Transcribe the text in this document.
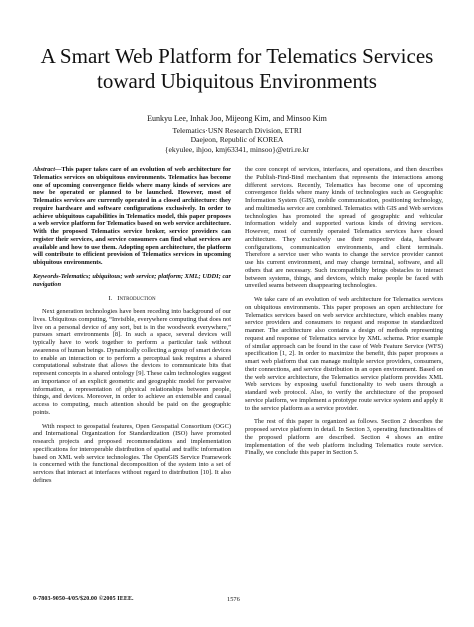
A Smart Web Platform for Telematics Services
toward Ubiquitous Environments
Eunkyu Lee, Inhak Joo, Mijeong Kim, and Minsoo Kim
Telematics·USN Research Division, ETRI
Daejeon, Republic of KOREA
{ekyulee, ihjoo, kmj63341, minsoo}@etri.re.kr

Abstract—This paper takes care of an evolution of web architecture for Telematics services on ubiquitous environments. Telematics has become one of upcoming convergence fields where many kinds of services are now be operated or planned to be launched. However, most of Telematics services are currently operated in a closed architecture: they require hardware and software configurations exclusively. In order to achieve ubiquitous capabilities in Telematics model, this paper proposes a web service platform for Telematics based on web service architecture. With the proposed Telematics service broker, service providers can register their services, and service consumers can find what services are available and how to use them. Adopting open architecture, the platform will contribute to efficient provision of Telematics services in upcoming ubiquitous environments.

Keywords-Telematics; ubiquitous; web service; platform; XML; UDDI; car navigation

I. Introduction

Next generation technologies have been receding into background of our lives. Ubiquitous computing, “Invisible, everywhere computing that does not live on a personal device of any sort, but is in the woodwork everywhere,” pursues smart environments [8]. In such a space, several devices will typically have to work together to perform a particular task without awareness of human beings. Dynamically collecting a group of smart devices to enable an interaction or to perform a perceptual task requires a shared computational substrate that allows the devices to communicate bits that represent concepts in a shared ontology [9]. These calm technologies suggest an importance of an explicit geometric and geographic model for pervasive information, a representation of physical relationships between people, things, and devices. Moreover, in order to achieve an extensible and casual access to computing, much attention should be paid on the geographic points.

With respect to geospatial features, Open Geospatial Consortium (OGC) and International Organization for Standardization (ISO) have promoted research projects and proposed recommendations and implementation specifications for interoperable distribution of spatial and traffic information based on XML web service technologies. The OpenGIS Service Framework is concerned with the functional decomposition of the system into a set of services that interact at interfaces without regard to distribution [10]. It also defines

the core concept of services, interfaces, and operations, and then describes the Publish-Find-Bind mechanism that represents the interactions among different services. Recently, Telematics has become one of upcoming convergence fields where many kinds of technologies such as Geographic Information System (GIS), mobile communication, positioning technology, and multimedia service are combined. Telematics with GIS and Web services technologies has promoted the spread of geographic and vehicular information widely and supported various kinds of driving services. However, most of currently operated Telematics services have closed architecture. They exclusively use their respective data, hardware configurations, communication environments, and client terminals. Therefore a service user who wants to change the service provider cannot use his current environment, and may change terminal, software, and all others that are necessary. Such incompatibility brings obstacles to interact between systems, things, and devices, which make people be faced with unveiled seams between disappearing technologies.

We take care of an evolution of web architecture for Telematics services on ubiquitous environments. This paper proposes an open architecture for Telematics services based on web service architecture, which enables many service providers and consumers to request and response in standardized manner. The architecture also contains a design of methods representing request and response of Telematics service by XML schema. Prior example of similar approach can be found in the case of Web Feature Service (WFS) specification [1, 2]. In order to maximize the benefit, this paper proposes a smart web platform that can manage multiple service providers, consumers, their connections, and service distribution in an open environment. Based on the web service architecture, the Telematics service platform provides XML Web services by exposing useful functionality to web users through a standard web protocol. Also, to verify the architecture of the proposed service platform, we implement a prototype route service system and apply it to the service platform as a service provider.

The rest of this paper is organized as follows. Section 2 describes the proposed service platform in detail. In Section 3, operating functionalities of the proposed platform are described. Section 4 shows an entire implementation of the web platform including Telematics route service. Finally, we conclude this paper in Section 5.

0-7803-9050-4/05/$20.00 ©2005 IEEE.	1576
